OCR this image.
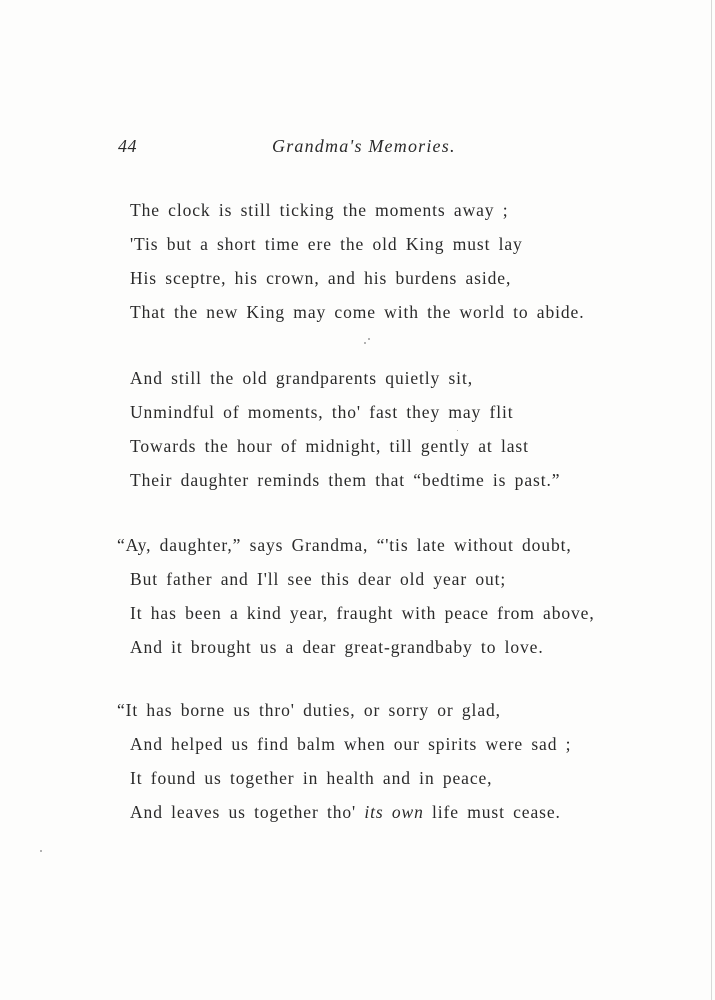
44	Grandma's Memories.
The clock is still ticking the moments away ;
'Tis but a short time ere the old King must lay
His sceptre, his crown, and his burdens aside,
That the new King may come with the world to abide.
And still the old grandparents quietly sit,
Unmindful of moments, tho' fast they may flit
Towards the hour of midnight, till gently at last
Their daughter reminds them that “bedtime is past.”
“Ay, daughter,” says Grandma, “'tis late without doubt,
But father and I'll see this dear old year out;
It has been a kind year, fraught with peace from above,
And it brought us a dear great-grandbaby to love.
“It has borne us thro' duties, or sorry or glad,
And helped us find balm when our spirits were sad ;
It found us together in health and in peace,
And leaves us together tho' its own life must cease.
